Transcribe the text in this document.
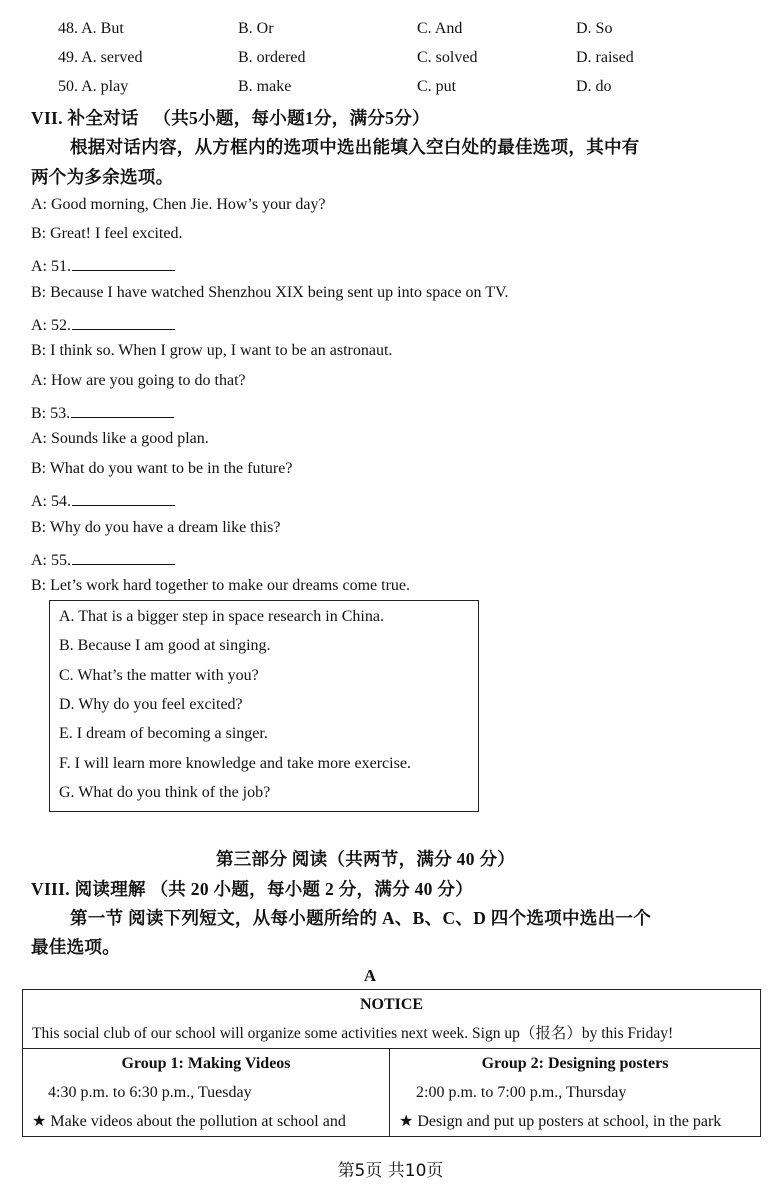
48. A. But	B. Or	C. And	D. So
49. A. served	B. ordered	C. solved	D. raised
50. A. play	B. make	C. put	D. do
VII. 补全对话 （共5小题，每小题1分，满分5分）
根据对话内容，从方框内的选项中选出能填入空白处的最佳选项，其中有
两个为多余选项。
A: Good morning, Chen Jie. How’s your day?
B: Great! I feel excited.
A: 51.
B: Because I have watched Shenzhou XIX being sent up into space on TV.
A: 52.
B: I think so. When I grow up, I want to be an astronaut.
A: How are you going to do that?
B: 53.
A: Sounds like a good plan.
B: What do you want to be in the future?
A: 54.
B: Why do you have a dream like this?
A: 55.
B: Let’s work hard together to make our dreams come true.
A. That is a bigger step in space research in China.
B. Because I am good at singing.
C. What’s the matter with you?
D. Why do you feel excited?
E. I dream of becoming a singer.
F. I will learn more knowledge and take more exercise.
G. What do you think of the job?
第三部分 阅读（共两节，满分 40 分）
VIII. 阅读理解 （共 20 小题，每小题 2 分，满分 40 分）
第一节 阅读下列短文，从每小题所给的 A、B、C、D 四个选项中选出一个
最佳选项。
A
NOTICE
This social club of our school will organize some activities next week. Sign up（报名）by this Friday!

Group 1: Making Videos
4:30 p.m. to 6:30 p.m., Tuesday
★ Make videos about the pollution at school and

Group 2: Designing posters
2:00 p.m. to 7:00 p.m., Thursday
★ Design and put up posters at school, in the park
第5页 共10页
